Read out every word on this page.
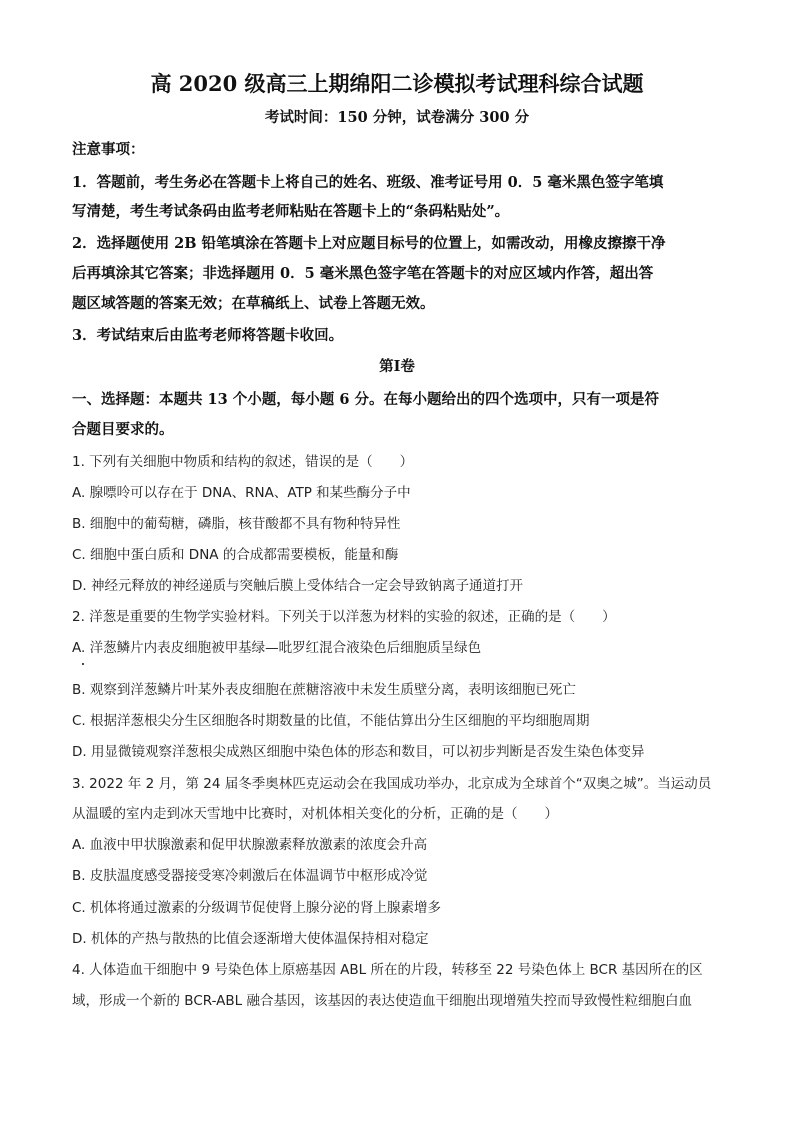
高 2020 级高三上期绵阳二诊模拟考试理科综合试题
考试时间：150 分钟，试卷满分 300 分
注意事项：
1．答题前，考生务必在答题卡上将自己的姓名、班级、准考证号用 0．5 毫米黑色签字笔填
写清楚，考生考试条码由监考老师粘贴在答题卡上的“条码粘贴处”。
2．选择题使用 2B 铅笔填涂在答题卡上对应题目标号的位置上，如需改动，用橡皮擦擦干净
后再填涂其它答案；非选择题用 0．5 毫米黑色签字笔在答题卡的对应区域内作答，超出答
题区域答题的答案无效；在草稿纸上、试卷上答题无效。
3．考试结束后由监考老师将答题卡收回。
第Ⅰ卷
一、选择题：本题共 13 个小题，每小题 6 分。在每小题给出的四个选项中，只有一项是符
合题目要求的。
1. 下列有关细胞中物质和结构的叙述，错误的是（　　）
A. 腺嘌呤可以存在于 DNA、RNA、ATP 和某些酶分子中
B. 细胞中的葡萄糖，磷脂，核苷酸都不具有物种特异性
C. 细胞中蛋白质和 DNA 的合成都需要模板，能量和酶
D. 神经元释放的神经递质与突触后膜上受体结合一定会导致钠离子通道打开
2. 洋葱是重要的生物学实验材料。下列关于以洋葱为材料的实验的叙述，正确的是（　　）
A. 洋葱鳞片内表皮细胞被甲基绿—吡罗红混合液染色后细胞质呈绿色
B. 观察到洋葱鳞片叶某外表皮细胞在蔗糖溶液中未发生质壁分离，表明该细胞已死亡
C. 根据洋葱根尖分生区细胞各时期数量的比值，不能估算出分生区细胞的平均细胞周期
D. 用显微镜观察洋葱根尖成熟区细胞中染色体的形态和数目，可以初步判断是否发生染色体变异
3. 2022 年 2 月，第 24 届冬季奥林匹克运动会在我国成功举办，北京成为全球首个“双奥之城”。当运动员
从温暖的室内走到冰天雪地中比赛时，对机体相关变化的分析，正确的是（　　）
A. 血液中甲状腺激素和促甲状腺激素释放激素的浓度会升高
B. 皮肤温度感受器接受寒冷刺激后在体温调节中枢形成冷觉
C. 机体将通过激素的分级调节促使肾上腺分泌的肾上腺素增多
D. 机体的产热与散热的比值会逐渐增大使体温保持相对稳定
4. 人体造血干细胞中 9 号染色体上原癌基因 ABL 所在的片段，转移至 22 号染色体上 BCR 基因所在的区
域，形成一个新的 BCR-ABL 融合基因，该基因的表达使造血干细胞出现增殖失控而导致慢性粒细胞白血
